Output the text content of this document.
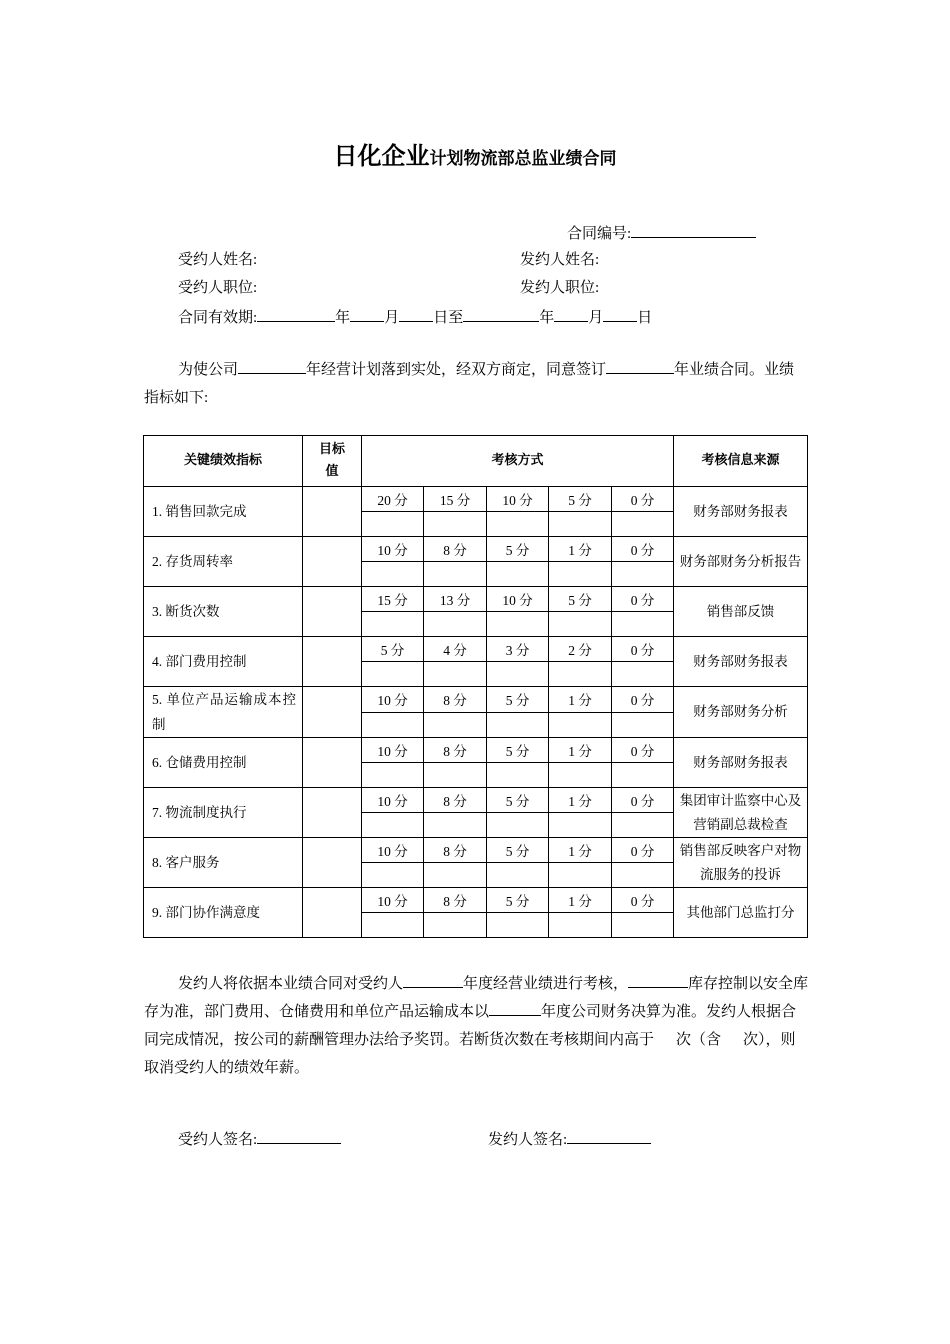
日化企业计划物流部总监业绩合同
合同编号:
受约人姓名:	发约人姓名:
受约人职位:	发约人职位:
合同有效期:	年 月 日至	年 月 日
为使公司	年经营计划落到实处，经双方商定，同意签订	年业绩合同。业绩指标如下:
关键绩效指标	目标值	考核方式					考核信息来源
1. 销售回款完成		20 分	15 分	10 分	5 分	0 分	财务部财务报表

2. 存货周转率		10 分	8 分	5 分	1 分	0 分	财务部财务分析报告

3. 断货次数		15 分	13 分	10 分	5 分	0 分	销售部反馈

4. 部门费用控制		5 分	4 分	3 分	2 分	0 分	财务部财务报表

5. 单位产品运输成本控制		10 分	8 分	5 分	1 分	0 分	财务部财务分析

6. 仓储费用控制		10 分	8 分	5 分	1 分	0 分	财务部财务报表

7. 物流制度执行		10 分	8 分	5 分	1 分	0 分	集团审计监察中心及营销副总裁检查

8. 客户服务		10 分	8 分	5 分	1 分	0 分	销售部反映客户对物流服务的投诉

9. 部门协作满意度		10 分	8 分	5 分	1 分	0 分	其他部门总监打分

发约人将依据本业绩合同对受约人	年度经营业绩进行考核，	库存控制以安全库存为准，部门费用、仓储费用和单位产品运输成本以	年度公司财务决算为准。发约人根据合同完成情况，按公司的薪酬管理办法给予奖罚。若断货次数在考核期间内高于 次（含 次），则取消受约人的绩效年薪。
受约人签名:	发约人签名:
